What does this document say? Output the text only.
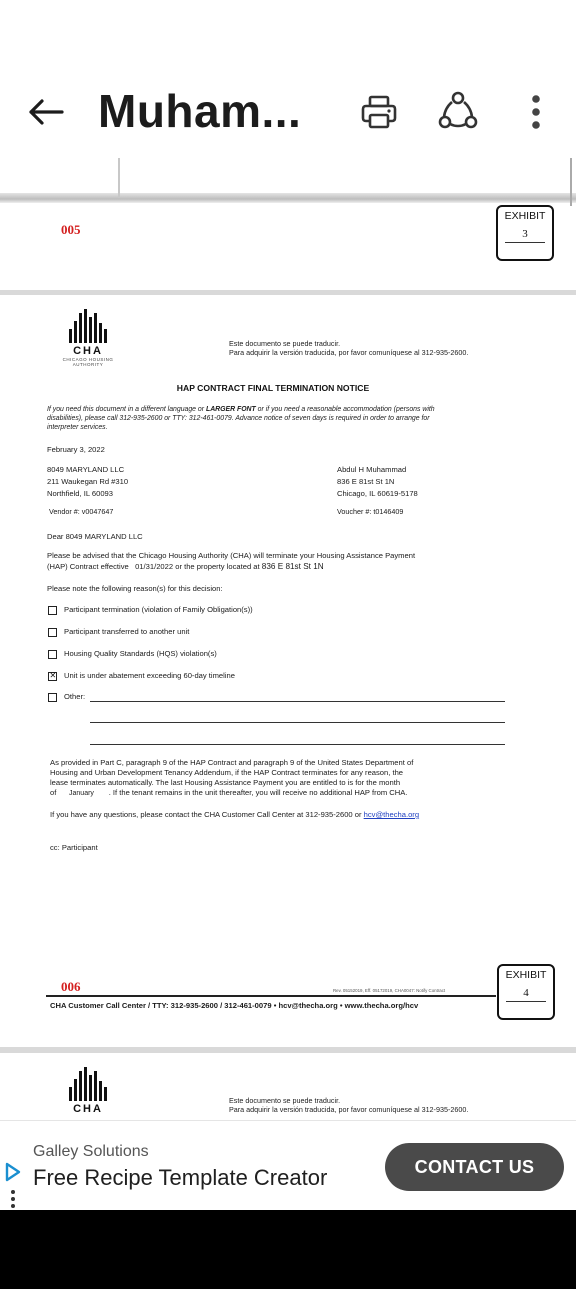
Muham...
005
EXHIBIT
3
CHA
CHICAGO HOUSING AUTHORITY
Este documento se puede traducir.
Para adquirir la versión traducida, por favor comuníquese al 312-935-2600.
HAP CONTRACT FINAL TERMINATION NOTICE
If you need this document in a different language or LARGER FONT or if you need a reasonable accommodation (persons with
disabilities), please call 312-935-2600 or TTY: 312-461-0079. Advance notice of seven days is required in order to arrange for
interpreter services.
February 3, 2022
8049 MARYLAND LLC
211 Waukegan Rd #310
Northfield, IL 60093
Vendor #: v0047647
Abdul H Muhammad
836 E 81st St 1N
Chicago, IL 60619-5178
Voucher #: t0146409
Dear 8049 MARYLAND LLC
Please be advised that the Chicago Housing Authority (CHA) will terminate your Housing Assistance Payment
(HAP) Contract effective 01/31/2022 or the property located at 836 E 81st St 1N
Please note the following reason(s) for this decision:
Participant termination (violation of Family Obligation(s))
Participant transferred to another unit
Housing Quality Standards (HQS) violation(s)
✕
Unit is under abatement exceeding 60-day timeline
Other:
As provided in Part C, paragraph 9 of the HAP Contract and paragraph 9 of the United States Department of
Housing and Urban Development Tenancy Addendum, if the HAP Contract terminates for any reason, the
lease terminates automatically. The last Housing Assistance Payment you are entitled to is for the month
of January . If the tenant remains in the unit thereafter, you will receive no additional HAP from CHA.
If you have any questions, please contact the CHA Customer Call Center at 312-935-2600 or hcv@thecha.org
cc: Participant
006	Rev. 05152019, Eff. 05172019, CHA0047: Notify Contract
CHA Customer Call Center / TTY: 312-935-2600 / 312-461-0079 • hcv@thecha.org • www.thecha.org/hcv
EXHIBIT
4
CHA
Este documento se puede traducir.
Para adquirir la versión traducida, por favor comuníquese al 312-935-2600.
Galley Solutions
Free Recipe Template Creator	CONTACT US
